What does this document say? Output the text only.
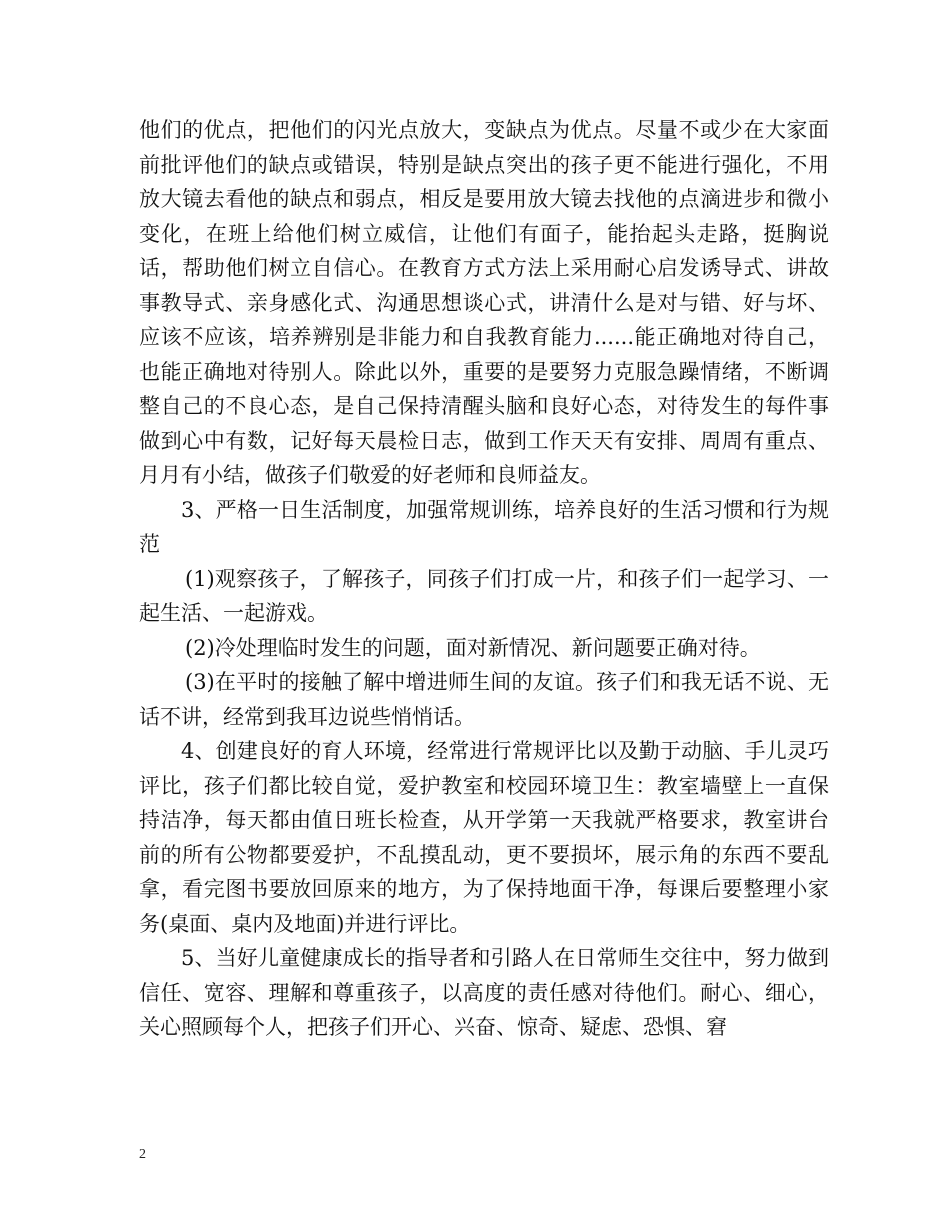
他们的优点，把他们的闪光点放大，变缺点为优点。尽量不或少在大家面前批评他们的缺点或错误，特别是缺点突出的孩子更不能进行强化，不用放大镜去看他的缺点和弱点，相反是要用放大镜去找他的点滴进步和微小变化，在班上给他们树立威信，让他们有面子，能抬起头走路，挺胸说话，帮助他们树立自信心。在教育方式方法上采用耐心启发诱导式、讲故事教导式、亲身感化式、沟通思想谈心式，讲清什么是对与错、好与坏、应该不应该，培养辨别是非能力和自我教育能力......能正确地对待自己，也能正确地对待别人。除此以外，重要的是要努力克服急躁情绪，不断调整自己的不良心态，是自己保持清醒头脑和良好心态，对待发生的每件事做到心中有数，记好每天晨检日志，做到工作天天有安排、周周有重点、月月有小结，做孩子们敬爱的好老师和良师益友。

3、严格一日生活制度，加强常规训练，培养良好的生活习惯和行为规范

(1)观察孩子，了解孩子，同孩子们打成一片，和孩子们一起学习、一起生活、一起游戏。

(2)冷处理临时发生的问题，面对新情况、新问题要正确对待。

(3)在平时的接触了解中增进师生间的友谊。孩子们和我无话不说、无话不讲，经常到我耳边说些悄悄话。

4、创建良好的育人环境，经常进行常规评比以及勤于动脑、手儿灵巧评比，孩子们都比较自觉，爱护教室和校园环境卫生：教室墙壁上一直保持洁净，每天都由值日班长检查，从开学第一天我就严格要求，教室讲台前的所有公物都要爱护，不乱摸乱动，更不要损坏，展示角的东西不要乱拿，看完图书要放回原来的地方，为了保持地面干净，每课后要整理小家务(桌面、桌内及地面)并进行评比。

5、当好儿童健康成长的指导者和引路人在日常师生交往中，努力做到信任、宽容、理解和尊重孩子，以高度的责任感对待他们。耐心、细心，关心照顾每个人，把孩子们开心、兴奋、惊奇、疑虑、恐惧、窘

2
